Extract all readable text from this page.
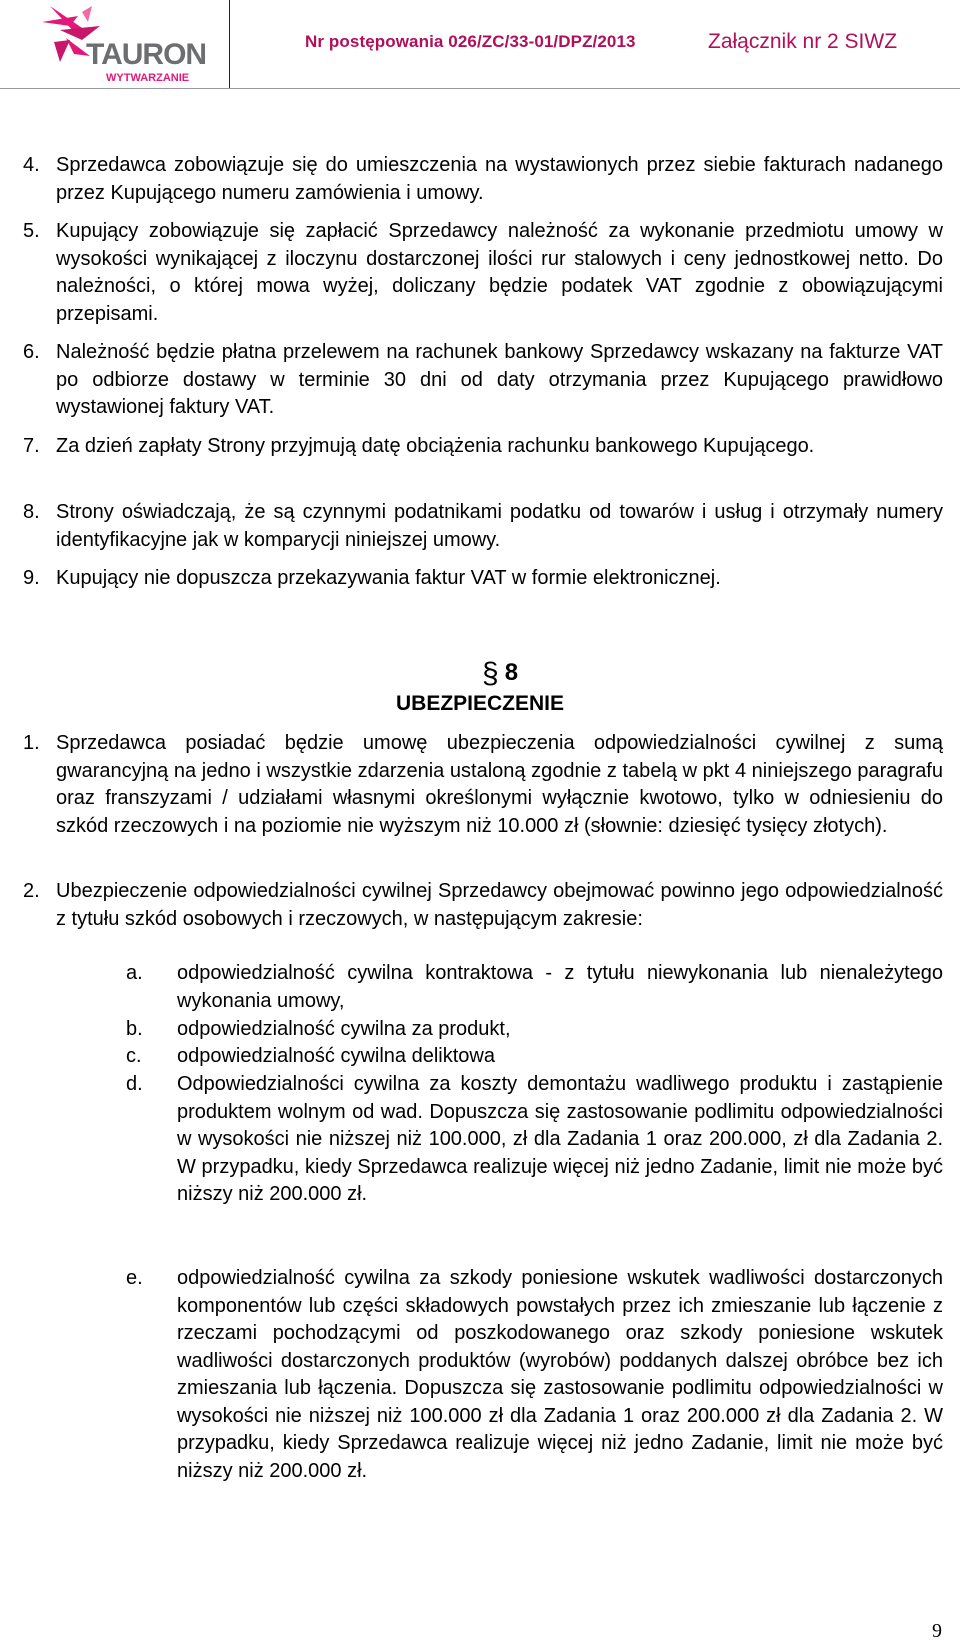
TAURON
WYTWARZANIE
Nr postępowania 026/ZC/33-01/DPZ/2013	Załącznik nr 2 SIWZ
4. Sprzedawca zobowiązuje się do umieszczenia na wystawionych przez siebie fakturach nadanego przez Kupującego numeru zamówienia i umowy.
5. Kupujący zobowiązuje się zapłacić Sprzedawcy należność za wykonanie przedmiotu umowy w wysokości wynikającej z iloczynu dostarczonej ilości rur stalowych i ceny jednostkowej netto. Do należności, o której mowa wyżej, doliczany będzie podatek VAT zgodnie z obowiązującymi przepisami.
6. Należność będzie płatna przelewem na rachunek bankowy Sprzedawcy wskazany na fakturze VAT po odbiorze dostawy w terminie 30 dni od daty otrzymania przez Kupującego prawidłowo wystawionej faktury VAT.
7. Za dzień zapłaty Strony przyjmują datę obciążenia rachunku bankowego Kupującego.
8. Strony oświadczają, że są czynnymi podatnikami podatku od towarów i usług i otrzymały numery identyfikacyjne jak w komparycji niniejszej umowy.
9. Kupujący nie dopuszcza przekazywania faktur VAT w formie elektronicznej.
§ 8
UBEZPIECZENIE
1. Sprzedawca posiadać będzie umowę ubezpieczenia odpowiedzialności cywilnej z sumą gwarancyjną na jedno i wszystkie zdarzenia ustaloną zgodnie z tabelą w pkt 4 niniejszego paragrafu oraz franszyzami / udziałami własnymi określonymi wyłącznie kwotowo, tylko w odniesieniu do szkód rzeczowych i na poziomie nie wyższym niż 10.000 zł (słownie: dziesięć tysięcy złotych).
2. Ubezpieczenie odpowiedzialności cywilnej Sprzedawcy obejmować powinno jego odpowiedzialność z tytułu szkód osobowych i rzeczowych, w następującym zakresie:
a. odpowiedzialność cywilna kontraktowa - z tytułu niewykonania lub nienależytego wykonania umowy,
b. odpowiedzialność cywilna za produkt,
c. odpowiedzialność cywilna deliktowa
d. Odpowiedzialności cywilna za koszty demontażu wadliwego produktu i zastąpienie produktem wolnym od wad. Dopuszcza się zastosowanie podlimitu odpowiedzialności w wysokości nie niższej niż 100.000, zł dla Zadania 1 oraz 200.000, zł dla Zadania 2. W przypadku, kiedy Sprzedawca realizuje więcej niż jedno Zadanie, limit nie może być niższy niż 200.000 zł.
e. odpowiedzialność cywilna za szkody poniesione wskutek wadliwości dostarczonych komponentów lub części składowych powstałych przez ich zmieszanie lub łączenie z rzeczami pochodzącymi od poszkodowanego oraz szkody poniesione wskutek wadliwości dostarczonych produktów (wyrobów) poddanych dalszej obróbce bez ich zmieszania lub łączenia. Dopuszcza się zastosowanie podlimitu odpowiedzialności w wysokości nie niższej niż 100.000 zł dla Zadania 1 oraz 200.000 zł dla Zadania 2. W przypadku, kiedy Sprzedawca realizuje więcej niż jedno Zadanie, limit nie może być niższy niż 200.000 zł.
9
